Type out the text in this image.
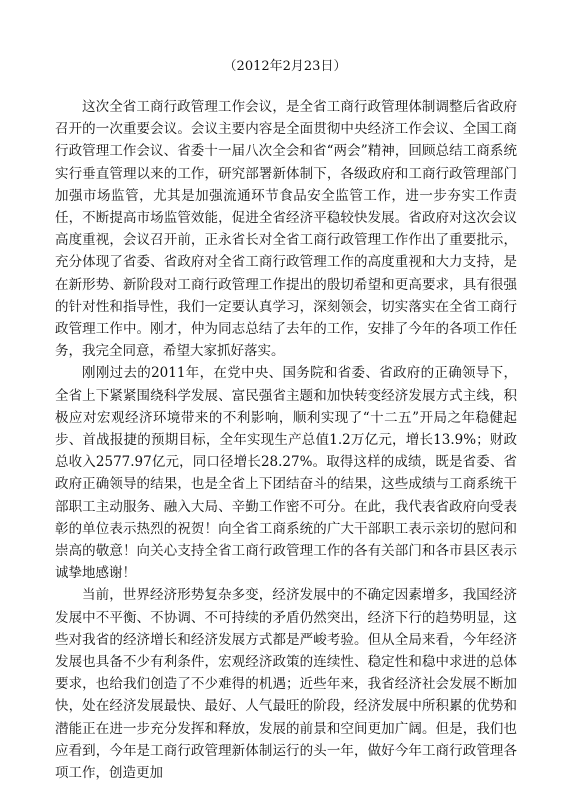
（2012年2月23日）

这次全省工商行政管理工作会议，是全省工商行政管理体制调整后省政府召开的一次重要会议。会议主要内容是全面贯彻中央经济工作会议、全国工商行政管理工作会议、省委十一届八次全会和省“两会”精神，回顾总结工商系统实行垂直管理以来的工作，研究部署新体制下，各级政府和工商行政管理部门加强市场监管，尤其是加强流通环节食品安全监管工作，进一步夯实工作责任，不断提高市场监管效能，促进全省经济平稳较快发展。省政府对这次会议高度重视，会议召开前，正永省长对全省工商行政管理工作作出了重要批示，充分体现了省委、省政府对全省工商行政管理工作的高度重视和大力支持，是在新形势、新阶段对工商行政管理工作提出的殷切希望和更高要求，具有很强的针对性和指导性，我们一定要认真学习，深刻领会，切实落实在全省工商行政管理工作中。刚才，仲为同志总结了去年的工作，安排了今年的各项工作任务，我完全同意，希望大家抓好落实。

刚刚过去的2011年，在党中央、国务院和省委、省政府的正确领导下，全省上下紧紧围绕科学发展、富民强省主题和加快转变经济发展方式主线，积极应对宏观经济环境带来的不利影响，顺利实现了“十二五”开局之年稳健起步、首战报捷的预期目标，全年实现生产总值1.2万亿元，增长13.9%；财政总收入2577.97亿元，同口径增长28.27%。取得这样的成绩，既是省委、省政府正确领导的结果，也是全省上下团结奋斗的结果，这些成绩与工商系统干部职工主动服务、融入大局、辛勤工作密不可分。在此，我代表省政府向受表彰的单位表示热烈的祝贺！向全省工商系统的广大干部职工表示亲切的慰问和崇高的敬意！向关心支持全省工商行政管理工作的各有关部门和各市县区表示诚挚地感谢！

当前，世界经济形势复杂多变，经济发展中的不确定因素增多，我国经济发展中不平衡、不协调、不可持续的矛盾仍然突出，经济下行的趋势明显，这些对我省的经济增长和经济发展方式都是严峻考验。但从全局来看，今年经济发展也具备不少有利条件，宏观经济政策的连续性、稳定性和稳中求进的总体要求，也给我们创造了不少难得的机遇；近些年来，我省经济社会发展不断加快，处在经济发展最快、最好、人气最旺的阶段，经济发展中所积累的优势和潜能正在进一步充分发挥和释放，发展的前景和空间更加广阔。但是，我们也应看到，今年是工商行政管理新体制运行的头一年，做好今年工商行政管理各项工作，创造更加
